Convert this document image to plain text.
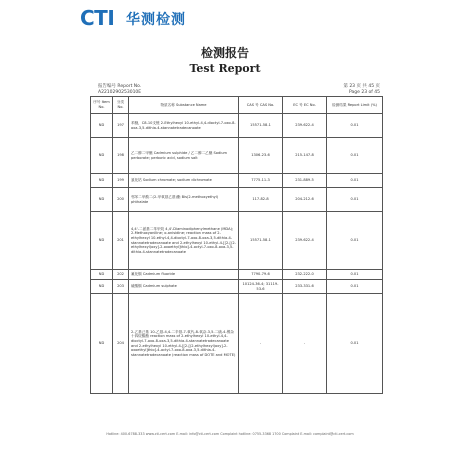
CTI 华测检测
检测报告
Test Report
报告编号 Report No.
A2210290253010E
第 23 页 共 45 页
Page 23 of 45
序号 Item No.	分类 No.	物质名称 Substance Name	CAS 号 CAS No.	EC 号 EC No.	检测结果 Report Limit (%)
ND	197	苯醚，C8-10支链 2-Ethylhexyl 10-ethyl-4,4-dioctyl-7-oxo-8-oxa-3,5-dithia-4-stannatetradecanoate	15571-58-1	239-622-4	0.01
ND	198	乙二醇二甲醚 Cadmium sulphide / 乙二醇二乙醚 Sodium perborate; perboric acid, sodium salt	1306-23-6	215-147-8	0.01
ND	199	氯化钴 Sodium chromate; sodium dichromate	7775-11-3	231-889-5	0.01
ND	200	邻苯二甲酸二(2-甲氧基乙基)酯 Bis(2-methoxyethyl) phthalate	117-82-8	204-212-6	0.01
ND	201	4,4'-二氨基二苯甲烷 4,4'-Diaminodiphenylmethane (MDA); 2-Methoxyaniline; o-anisidine; reaction mass of 2-ethylhexyl 10-ethyl-4,4-dioctyl-7-oxo-8-oxa-3,5-dithia-4-stannatetradecanoate and 2-ethylhexyl 10-ethyl-4-[[2-[(2-ethylhexyl)oxy]-2-oxoethyl]thio]-4-octyl-7-oxo-8-oxa-3,5-dithia-4-stannatetradecanoate	15571-58-1	239-622-4	0.01
ND	202	氟化镉 Cadmium fluoride	7790-79-6	232-222-0	0.01
ND	203	硫酸镉 Cadmium sulphate	10124-36-4; 31119-53-6	233-331-6	0.01
ND	204	2-乙基己基 10-乙基-4,4-二辛基-7-氧代-8-氧杂-3,5-二硫-4-锡杂十四烷酸酯 reaction mass of 2-ethylhexyl 10-ethyl-4,4-dioctyl-7-oxo-8-oxa-3,5-dithia-4-stannatetradecanoate and 2-ethylhexyl 10-ethyl-4-[[2-[(2-ethylhexyl)oxy]-2-oxoethyl]thio]-4-octyl-7-oxo-8-oxa-3,5-dithia-4-stannatetradecanoate (reaction mass of DOTE and MOTE)	-	-	0.01
Hotline: 400-6788-333 www.cti-cert.com E-mail: info@cti-cert.com Complaint hotline: 0755-3368 1700 Complaint E-mail: complaint@cti-cert.com
